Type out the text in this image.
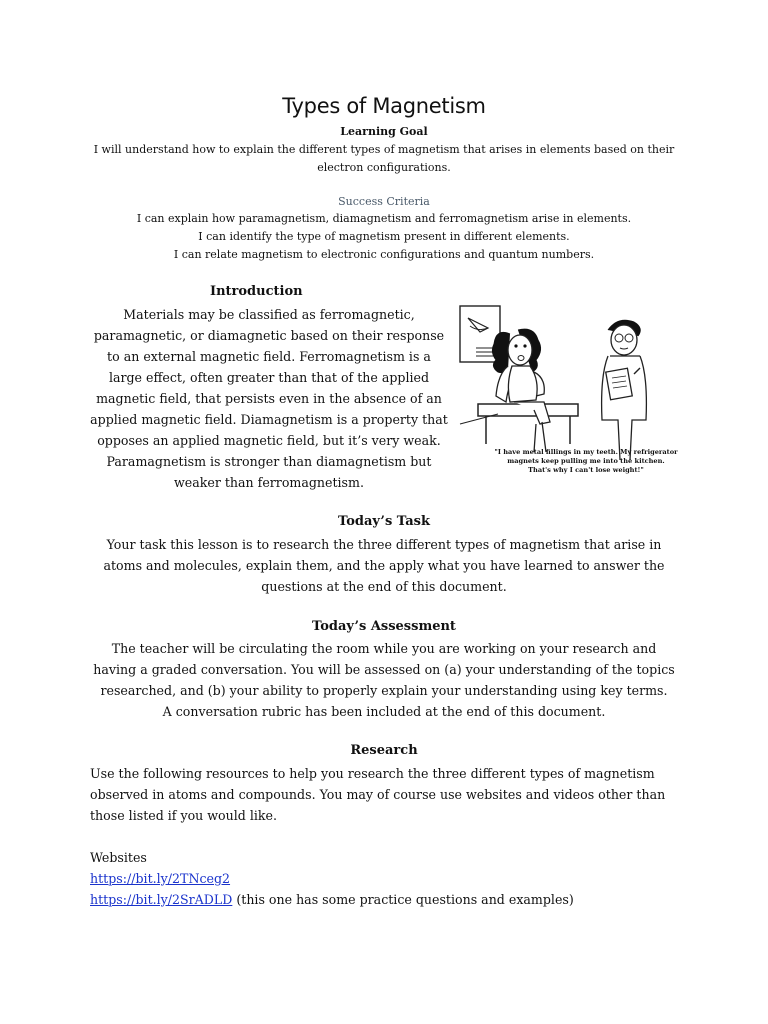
Types of Magnetism
Learning Goal
I will understand how to explain the different types of magnetism that arises in elements based on their
electron configurations.
Success Criteria
I can explain how paramagnetism, diamagnetism and ferromagnetism arise in elements.
I can identify the type of magnetism present in different elements.
I can relate magnetism to electronic configurations and quantum numbers.
Introduction
Materials may be classified as ferromagnetic,
paramagnetic, or diamagnetic based on their response
to an external magnetic field. Ferromagnetism is a
large effect, often greater than that of the applied
magnetic field, that persists even in the absence of an
applied magnetic field. Diamagnetism is a property that
opposes an applied magnetic field, but it’s very weak.
Paramagnetism is stronger than diamagnetism but
weaker than ferromagnetism.
"I have metal fillings in my teeth. My refrigerator
magnets keep pulling me into the kitchen.
That's why I can't lose weight!"
Today’s Task
Your task this lesson is to research the three different types of magnetism that arise in
atoms and molecules, explain them, and the apply what you have learned to answer the
questions at the end of this document.
Today’s Assessment
The teacher will be circulating the room while you are working on your research and
having a graded conversation. You will be assessed on (a) your understanding of the topics
researched, and (b) your ability to properly explain your understanding using key terms.
A conversation rubric has been included at the end of this document.
Research
Use the following resources to help you research the three different types of magnetism
observed in atoms and compounds. You may of course use websites and videos other than
those listed if you would like.
Websites
https://bit.ly/2TNceg2
https://bit.ly/2SrADLD (this one has some practice questions and examples)
